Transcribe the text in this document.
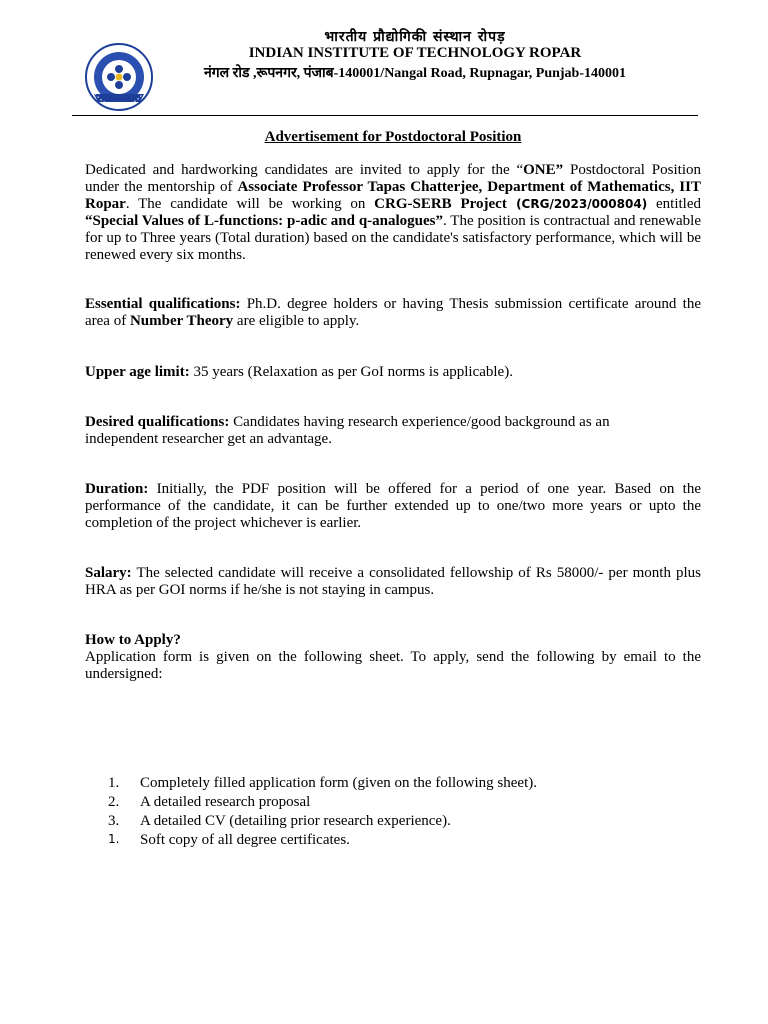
भारतीय प्रौद्योगिकी संस्थान रोपड़
INDIAN INSTITUTE OF TECHNOLOGY ROPAR
नंगल रोड ,रूपनगर, पंजाब-140001/Nangal Road, Rupnagar, Punjab-140001
Advertisement for Postdoctoral Position
Dedicated and hardworking candidates are invited to apply for the “ONE” Postdoctoral Position under the mentorship of Associate Professor Tapas Chatterjee, Department of Mathematics, IIT Ropar. The candidate will be working on CRG-SERB Project (CRG/2023/000804) entitled “Special Values of L-functions: p-adic and q-analogues”. The position is contractual and renewable for up to Three years (Total duration) based on the candidate's satisfactory performance, which will be renewed every six months.
Essential qualifications: Ph.D. degree holders or having Thesis submission certificate around the area of Number Theory are eligible to apply.
Upper age limit: 35 years (Relaxation as per GoI norms is applicable).
Desired qualifications: Candidates having research experience/good background as an
independent researcher get an advantage.
Duration: Initially, the PDF position will be offered for a period of one year. Based on the performance of the candidate, it can be further extended up to one/two more years or upto the completion of the project whichever is earlier.
Salary: The selected candidate will receive a consolidated fellowship of Rs 58000/- per month plus HRA as per GOI norms if he/she is not staying in campus.
How to Apply?
Application form is given on the following sheet. To apply, send the following by email to the undersigned:
1.	Completely filled application form (given on the following sheet).
2.	A detailed research proposal
3.	A detailed CV (detailing prior research experience).
1.	Soft copy of all degree certificates.
